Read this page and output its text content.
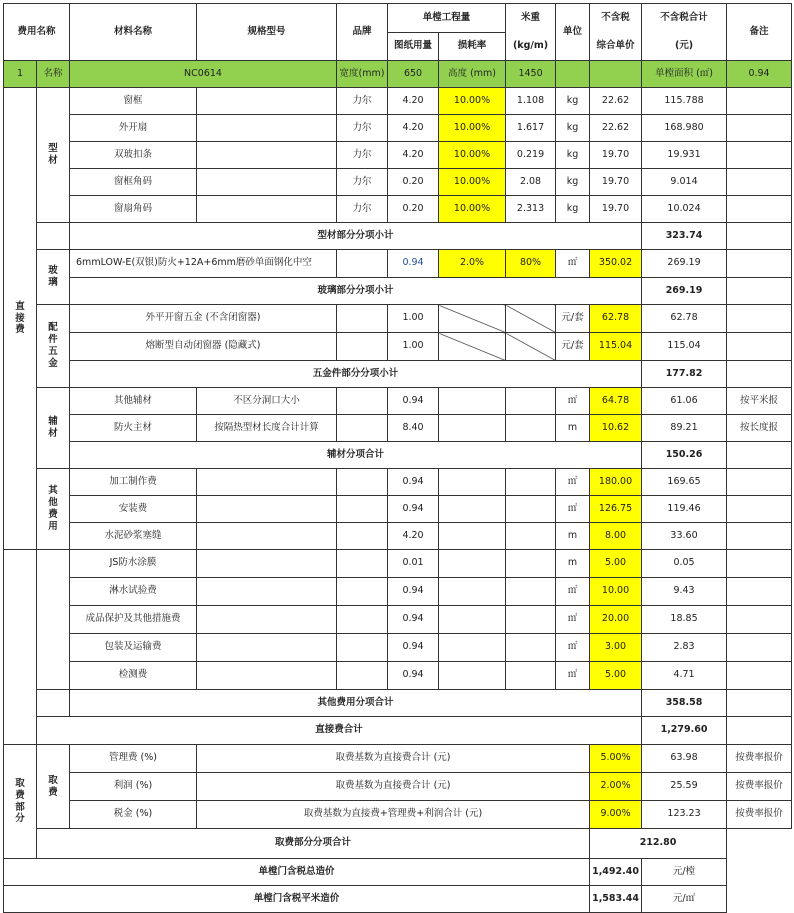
费用名称		材料名称	规格型号	品牌	单樘工程量		米重	单位	不含税	不含税合计	备注
					图纸用量	损耗率	(kg/m)		综合单价	(元)	
1	名称	NC0614		宽度(mm)	650	高度 (mm)	1450			单樘面积 (㎡)	0.94
直接费	型材	窗框		力尔	4.20	10.00%	1.108	kg	22.62	115.788	
		外开扇		力尔	4.20	10.00%	1.617	kg	22.62	168.980	
		双玻扣条		力尔	4.20	10.00%	0.219	kg	19.70	19.931	
		窗框角码		力尔	0.20	10.00%	2.08	kg	19.70	9.014	
		窗扇角码		力尔	0.20	10.00%	2.313	kg	19.70	10.024	
		型材部分分项小计								323.74	
	玻璃	6mmLOW-E(双银)防火+12A+6mm磨砂单面钢化中空			0.94	2.0%	80%	㎡	350.02	269.19	
		玻璃部分分项小计								269.19	
	配件五金	外平开窗五金 (不含闭窗器)			1.00			元/套	62.78	62.78	
		熔断型自动闭窗器 (隐藏式)			1.00			元/套	115.04	115.04	
		五金件部分分项小计								177.82	
	辅材	其他辅材	不区分洞口大小		0.94			㎡	64.78	61.06	按平米报
		防火主材	按隔热型材长度合计计算		8.40			m	10.62	89.21	按长度报
		辅材分项合计								150.26	
	其他费用	加工制作费			0.94			㎡	180.00	169.65	
		安装费			0.94			㎡	126.75	119.46	
		水泥砂浆塞缝			4.20			m	8.00	33.60	
		JS防水涂膜			0.01			m	5.00	0.05	
		淋水试验费			0.94			㎡	10.00	9.43	
		成品保护及其他措施费			0.94			㎡	20.00	18.85	
		包装及运输费			0.94			㎡	3.00	2.83	
		检测费			0.94			㎡	5.00	4.71	
		其他费用分项合计								358.58	
	直接费合计									1,279.60	
取费部分	取费	管理费 (%)	取费基数为直接费合计 (元)						5.00%	63.98	按费率报价
		利润 (%)	取费基数为直接费合计 (元)						2.00%	25.59	按费率报价
		税金 (%)	取费基数为直接费+管理费+利润合计 (元)						9.00%	123.23	按费率报价
	取费部分分项合计								212.80		
单樘门含税总造价									1,492.40	元/樘	
单樘门含税平米造价									1,583.44	元/㎡	
